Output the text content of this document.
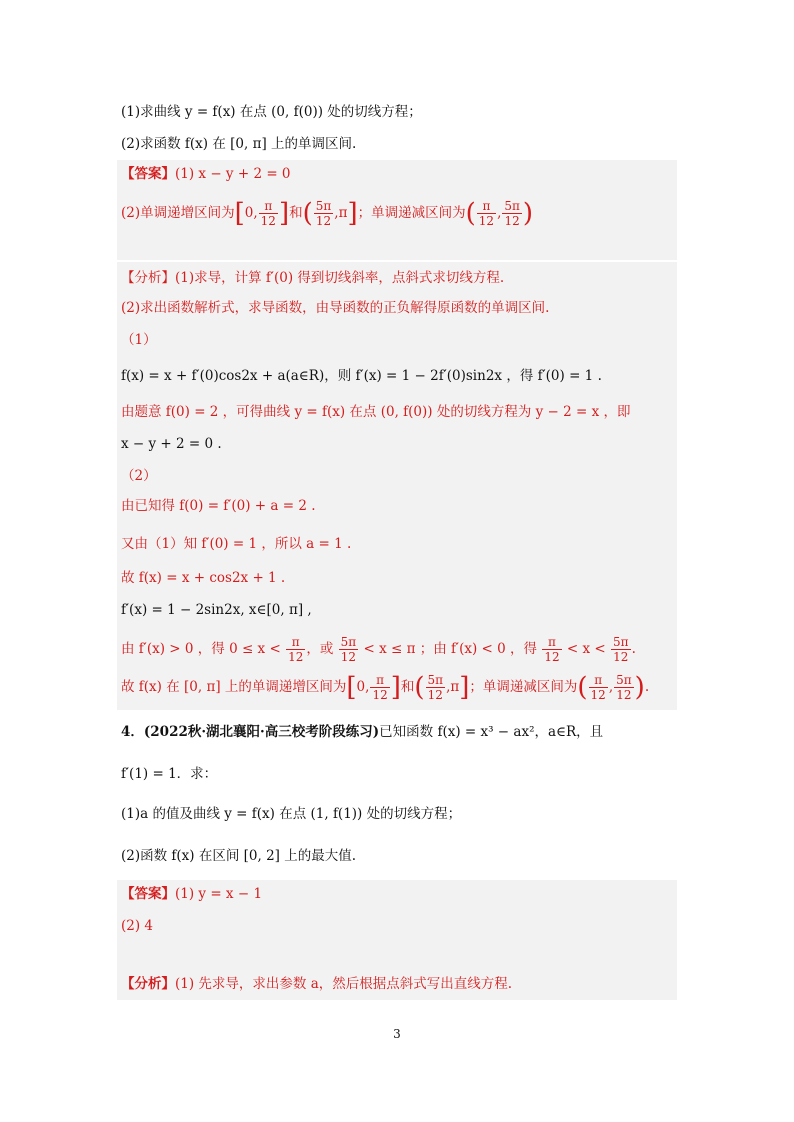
(1)求曲线 y = f(x) 在点 (0, f(0)) 处的切线方程；
(2)求函数 f(x) 在 [0, π] 上的单调区间.
【答案】(1) x − y + 2 = 0
(2)单调递增区间为[0, $\frac{\pi}{12}$ ]和( $\frac{5\pi}{12} ,\pi$]；单调递减区间为( $\frac{\pi}{12}$ , $\frac{5\pi}{12}$ )
【分析】(1)求导，计算 f′(0) 得到切线斜率，点斜式求切线方程.
(2)求出函数解析式，求导函数，由导函数的正负解得原函数的单调区间.
（1）
f(x) = x + f′(0)cos2x + a(a∈R)，则 f′(x) = 1 − 2f′(0)sin2x ，得 f′(0) = 1 .
由题意 f(0) = 2 ，可得曲线 y = f(x) 在点 (0, f(0)) 处的切线方程为 y − 2 = x ，即
x − y + 2 = 0 .
（2）
由已知得 f(0) = f′(0) + a = 2 .
又由（1）知 f′(0) = 1 ，所以 a = 1 .
故 f(x) = x + cos2x + 1 .
f′(x) = 1 − 2sin2x, x∈[0, π] ,
由 f′(x) > 0 ，得 $0 \le x < \frac{\pi}{12}$ ，或 $\frac{5\pi}{12} < x \le \pi$ ；由 f′(x) < 0 ，得 $\frac{\pi}{12} < x < \frac{5\pi}{12}$ .
故 f(x) 在 [0, π] 上的单调递增区间为[0, $\frac{\pi}{12}$ ]和( $\frac{5\pi}{12} ,\pi$]；单调递减区间为( $\frac{\pi}{12}$ , $\frac{5\pi}{12}$ ).
4．(2022秋·湖北襄阳·高三校考阶段练习)已知函数 f(x) = x³ − ax²，a∈R，且
f′(1) = 1．求：
(1)a 的值及曲线 y = f(x) 在点 (1, f(1)) 处的切线方程；
(2)函数 f(x) 在区间 [0, 2] 上的最大值.
【答案】(1) y = x − 1
(2) 4
【分析】(1) 先求导，求出参数 a，然后根据点斜式写出直线方程.
3
